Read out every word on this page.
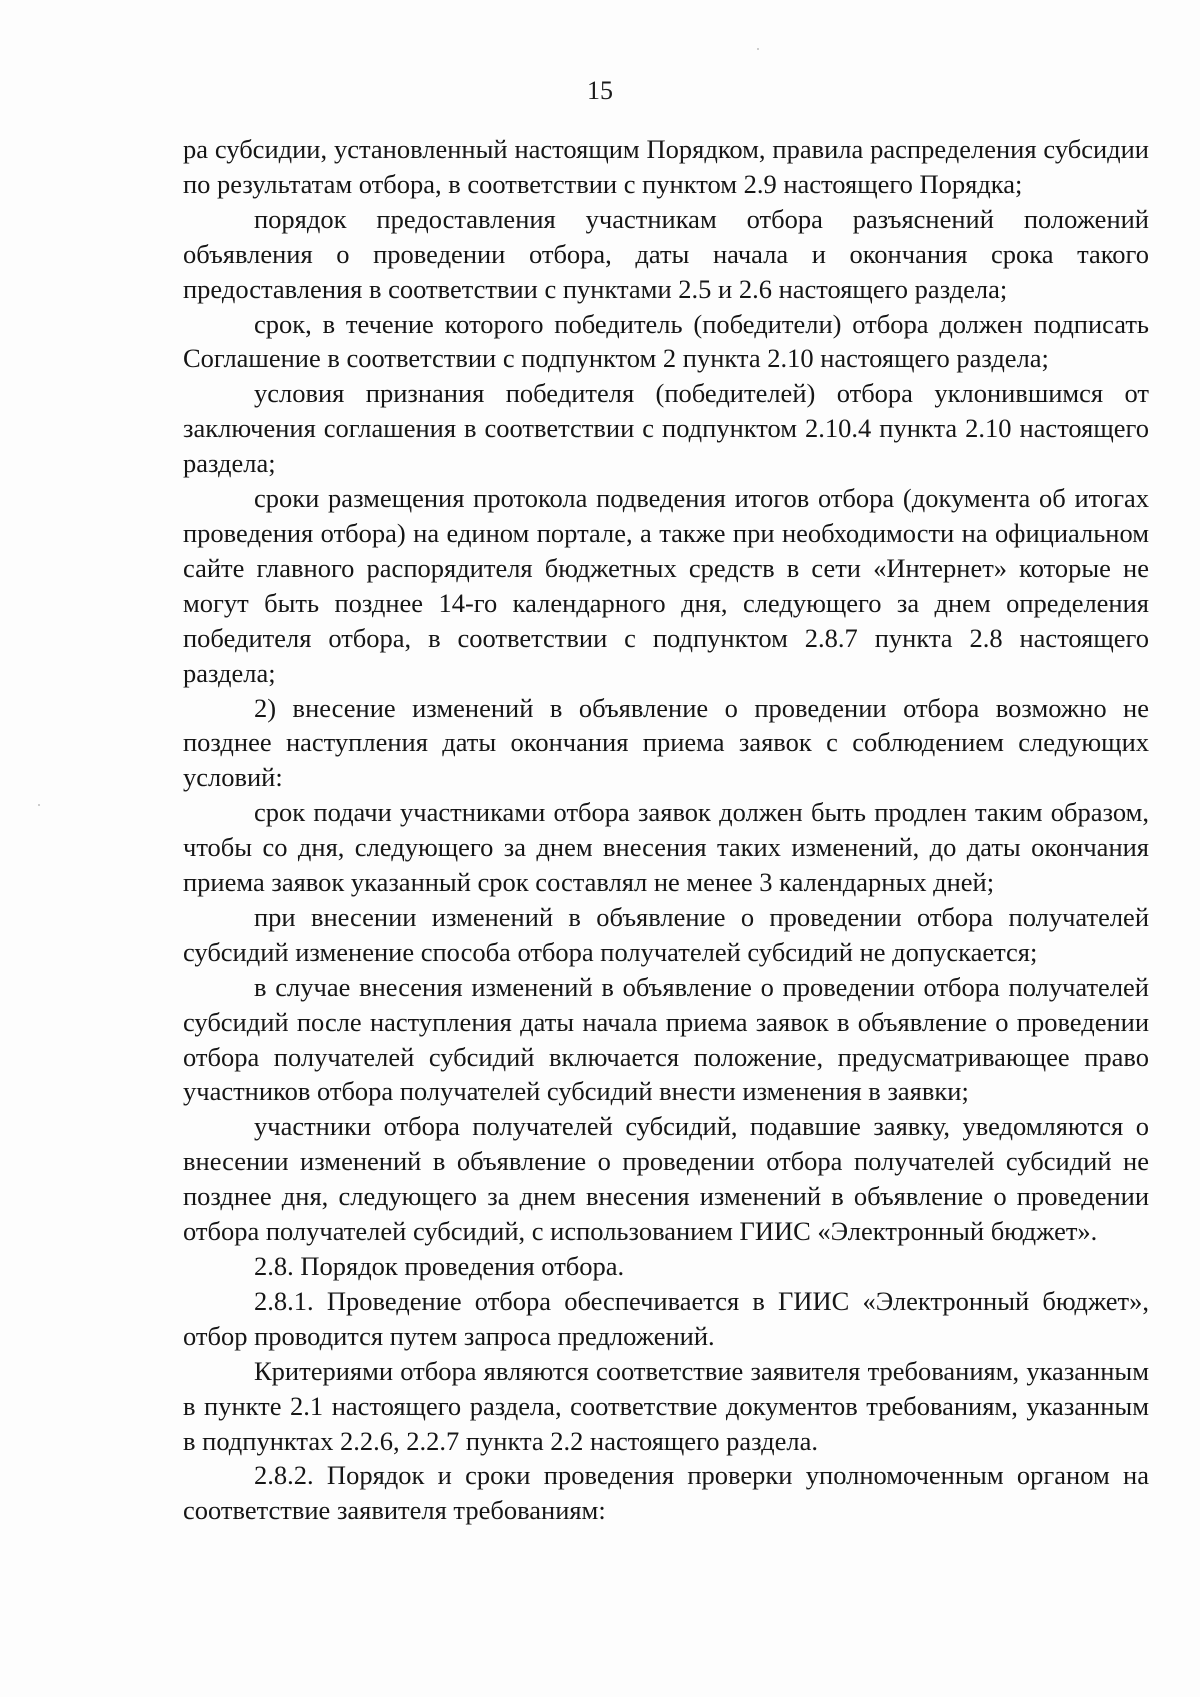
15

ра субсидии, установленный настоящим Порядком, правила распределения субсидии по результатам отбора, в соответствии с пунктом 2.9 настоящего Порядка;

порядок предоставления участникам отбора разъяснений положений объявления о проведении отбора, даты начала и окончания срока такого предоставления в соответствии с пунктами 2.5 и 2.6 настоящего раздела;

срок, в течение которого победитель (победители) отбора должен подписать Соглашение в соответствии с подпунктом 2 пункта 2.10 настоящего раздела;

условия признания победителя (победителей) отбора уклонившимся от заключения соглашения в соответствии с подпунктом 2.10.4 пункта 2.10 настоящего раздела;

сроки размещения протокола подведения итогов отбора (документа об итогах проведения отбора) на едином портале, а также при необходимости на официальном сайте главного распорядителя бюджетных средств в сети «Интернет» которые не могут быть позднее 14-го календарного дня, следующего за днем определения победителя отбора, в соответствии с подпунктом 2.8.7 пункта 2.8 настоящего раздела;

2) внесение изменений в объявление о проведении отбора возможно не позднее наступления даты окончания приема заявок с соблюдением следующих условий:

срок подачи участниками отбора заявок должен быть продлен таким образом, чтобы со дня, следующего за днем внесения таких изменений, до даты окончания приема заявок указанный срок составлял не менее 3 календарных дней;

при внесении изменений в объявление о проведении отбора получателей субсидий изменение способа отбора получателей субсидий не допускается;

в случае внесения изменений в объявление о проведении отбора получателей субсидий после наступления даты начала приема заявок в объявление о проведении отбора получателей субсидий включается положение, предусматривающее право участников отбора получателей субсидий внести изменения в заявки;

участники отбора получателей субсидий, подавшие заявку, уведомляются о внесении изменений в объявление о проведении отбора получателей субсидий не позднее дня, следующего за днем внесения изменений в объявление о проведении отбора получателей субсидий, с использованием ГИИС «Электронный бюджет».

2.8. Порядок проведения отбора.

2.8.1. Проведение отбора обеспечивается в ГИИС «Электронный бюджет», отбор проводится путем запроса предложений.

Критериями отбора являются соответствие заявителя требованиям, указанным в пункте 2.1 настоящего раздела, соответствие документов требованиям, указанным в подпунктах 2.2.6, 2.2.7 пункта 2.2 настоящего раздела.

2.8.2. Порядок и сроки проведения проверки уполномоченным органом на соответствие заявителя требованиям:
